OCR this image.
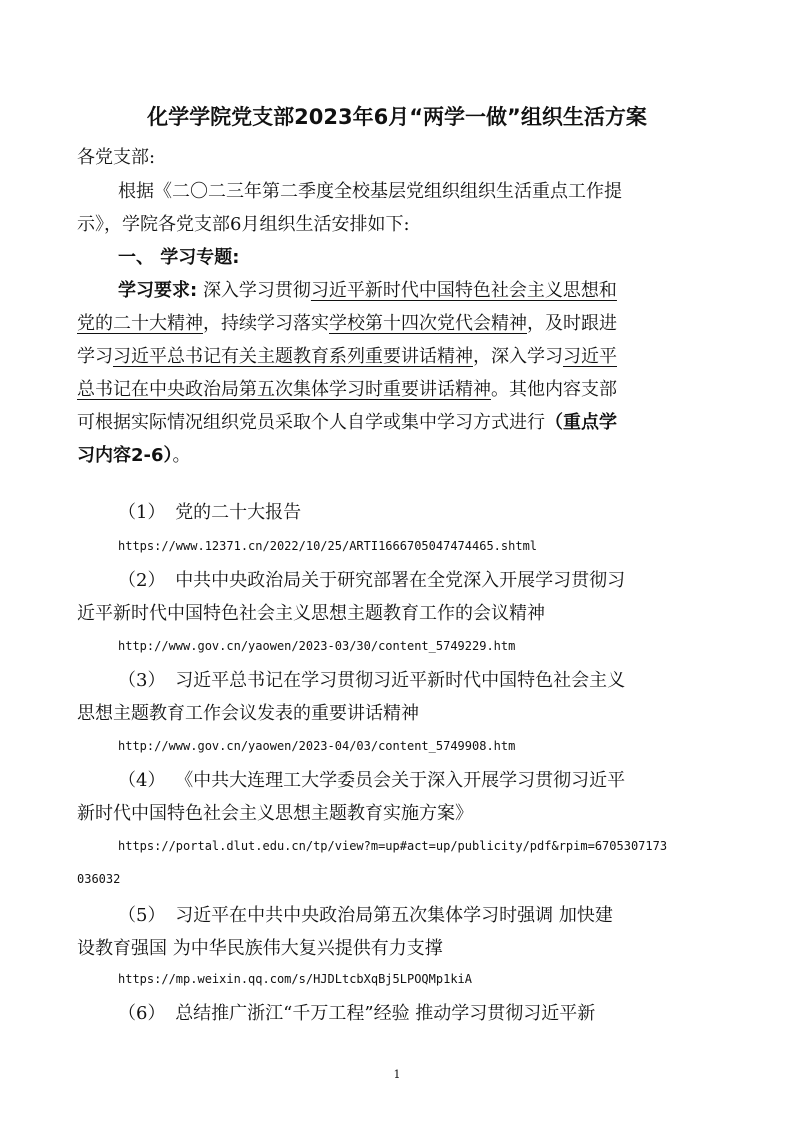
化学学院党支部2023年6月“两学一做”组织生活方案
各党支部:
根据《二〇二三年第二季度全校基层党组织组织生活重点工作提
示》，学院各党支部6月组织生活安排如下:
一、 学习专题:
学习要求: 深入学习贯彻习近平新时代中国特色社会主义思想和
党的二十大精神，持续学习落实学校第十四次党代会精神，及时跟进
学习习近平总书记有关主题教育系列重要讲话精神，深入学习习近平
总书记在中央政治局第五次集体学习时重要讲话精神。其他内容支部
可根据实际情况组织党员采取个人自学或集中学习方式进行（重点学
习内容2-6）。
（1） 党的二十大报告
https://www.12371.cn/2022/10/25/ARTI1666705047474465.shtml
（2） 中共中央政治局关于研究部署在全党深入开展学习贯彻习
近平新时代中国特色社会主义思想主题教育工作的会议精神
http://www.gov.cn/yaowen/2023-03/30/content_5749229.htm
（3） 习近平总书记在学习贯彻习近平新时代中国特色社会主义
思想主题教育工作会议发表的重要讲话精神
http://www.gov.cn/yaowen/2023-04/03/content_5749908.htm
（4） 《中共大连理工大学委员会关于深入开展学习贯彻习近平
新时代中国特色社会主义思想主题教育实施方案》
https://portal.dlut.edu.cn/tp/view?m=up#act=up/publicity/pdf&rpim=6705307173
036032
（5） 习近平在中共中央政治局第五次集体学习时强调 加快建
设教育强国 为中华民族伟大复兴提供有力支撑
https://mp.weixin.qq.com/s/HJDLtcbXqBj5LPOQMp1kiA
（6） 总结推广浙江“千万工程”经验 推动学习贯彻习近平新
1
